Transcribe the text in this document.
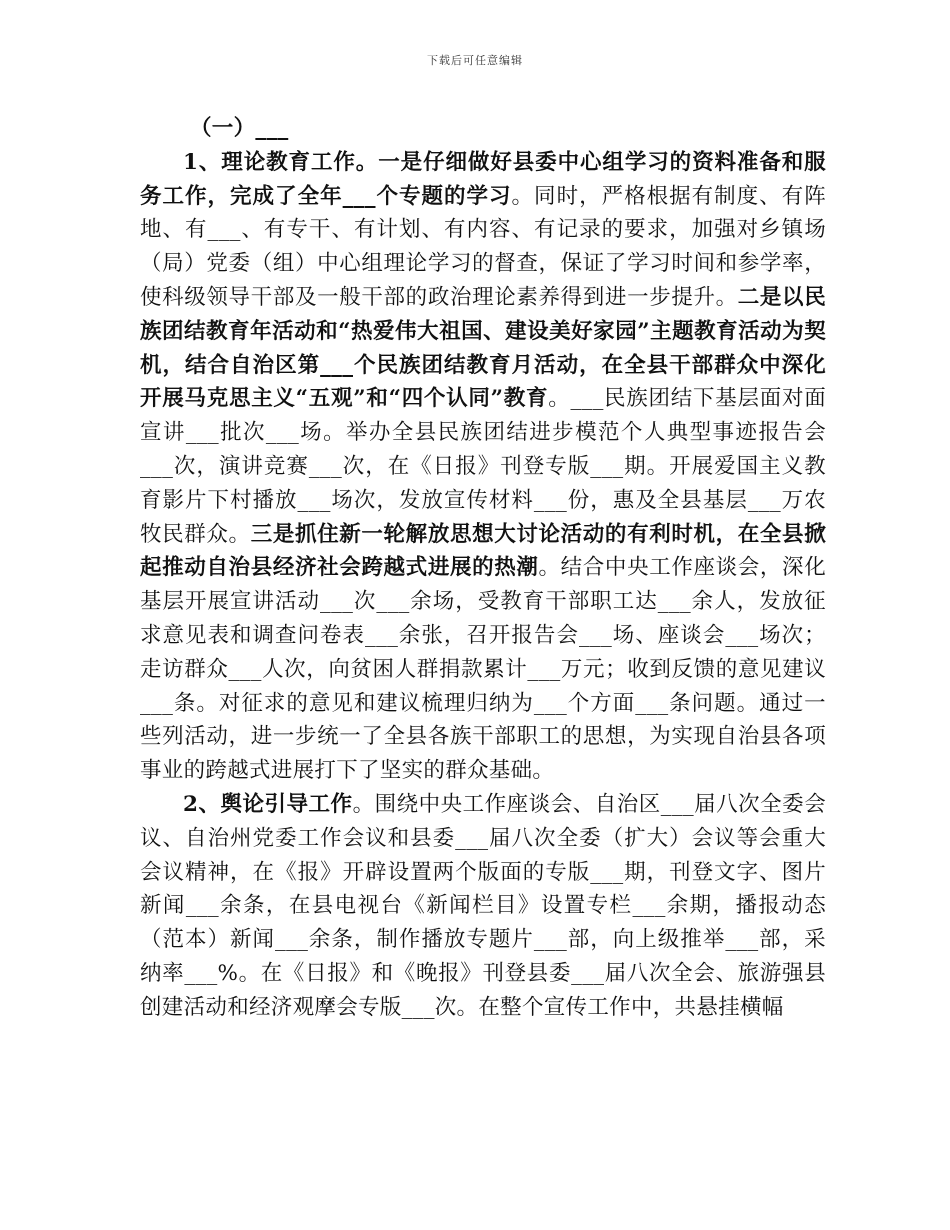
下载后可任意编辑

（一）___

1、理论教育工作。一是仔细做好县委中心组学习的资料准备和服务工作，完成了全年___个专题的学习。同时，严格根据有制度、有阵地、有___、有专干、有计划、有内容、有记录的要求，加强对乡镇场（局）党委（组）中心组理论学习的督查，保证了学习时间和参学率，使科级领导干部及一般干部的政治理论素养得到进一步提升。二是以民族团结教育年活动和“热爱伟大祖国、建设美好家园”主题教育活动为契机，结合自治区第___个民族团结教育月活动，在全县干部群众中深化开展马克思主义“五观”和“四个认同”教育。___民族团结下基层面对面宣讲___批次___场。举办全县民族团结进步模范个人典型事迹报告会___次，演讲竞赛___次，在《日报》刊登专版___期。开展爱国主义教育影片下村播放___场次，发放宣传材料___份，惠及全县基层___万农牧民群众。三是抓住新一轮解放思想大讨论活动的有利时机，在全县掀起推动自治县经济社会跨越式进展的热潮。结合中央工作座谈会，深化基层开展宣讲活动___次___余场，受教育干部职工达___余人，发放征求意见表和调查问卷表___余张，召开报告会___场、座谈会___场次；走访群众___人次，向贫困人群捐款累计___万元；收到反馈的意见建议___条。对征求的意见和建议梳理归纳为___个方面___条问题。通过一些列活动，进一步统一了全县各族干部职工的思想，为实现自治县各项事业的跨越式进展打下了坚实的群众基础。

2、舆论引导工作。围绕中央工作座谈会、自治区___届八次全委会议、自治州党委工作会议和县委___届八次全委（扩大）会议等会重大会议精神，在《报》开辟设置两个版面的专版___期，刊登文字、图片新闻___余条，在县电视台《新闻栏目》设置专栏___余期，播报动态（范本）新闻___余条，制作播放专题片___部，向上级推举___部，采纳率___%。在《日报》和《晚报》刊登县委___届八次全会、旅游强县创建活动和经济观摩会专版___次。在整个宣传工作中，共悬挂横幅
